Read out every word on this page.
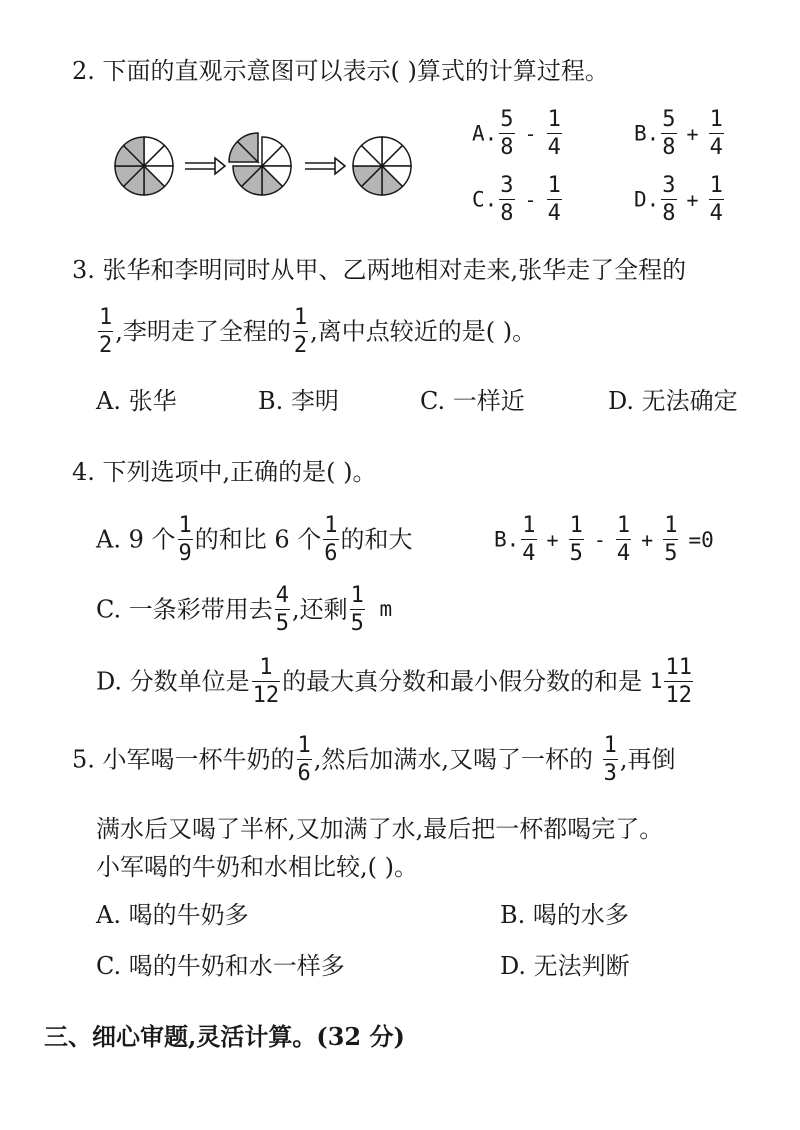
2. 下面的直观示意图可以表示( )算式的计算过程。
A. $\frac{5}{8} - \frac{1}{4}$	B. $\frac{5}{8} + \frac{1}{4}$
C. $\frac{3}{8} - \frac{1}{4}$	D. $\frac{3}{8} + \frac{1}{4}$
3. 张华和李明同时从甲、乙两地相对走来,张华走了全程的
$\frac{1}{2}$ ,李明走了全程的 $\frac{1}{2}$ ,离中点较近的是( )。
A. 张华	B. 李明	C. 一样近	D. 无法确定
4. 下列选项中,正确的是( )。
A. 9 个 $\frac{1}{9}$ 的和比 6 个 $\frac{1}{6}$ 的和大	B. $\frac{1}{4} + \frac{1}{5} - \frac{1}{4} + \frac{1}{5} =0$
C. 一条彩带用去 $\frac{4}{5}$ ,还剩 $\frac{1}{5}$ m
D. 分数单位是 $\frac{1}{12}$ 的最大真分数和最小假分数的和是 $1 \frac{11}{12}$
5. 小军喝一杯牛奶的 $\frac{1}{6}$ ,然后加满水,又喝了一杯的 $\frac{1}{3}$ ,再倒
满水后又喝了半杯,又加满了水,最后把一杯都喝完了。
小军喝的牛奶和水相比较,( )。
A. 喝的牛奶多	B. 喝的水多
C. 喝的牛奶和水一样多	D. 无法判断
三、细心审题,灵活计算。(32 分)
